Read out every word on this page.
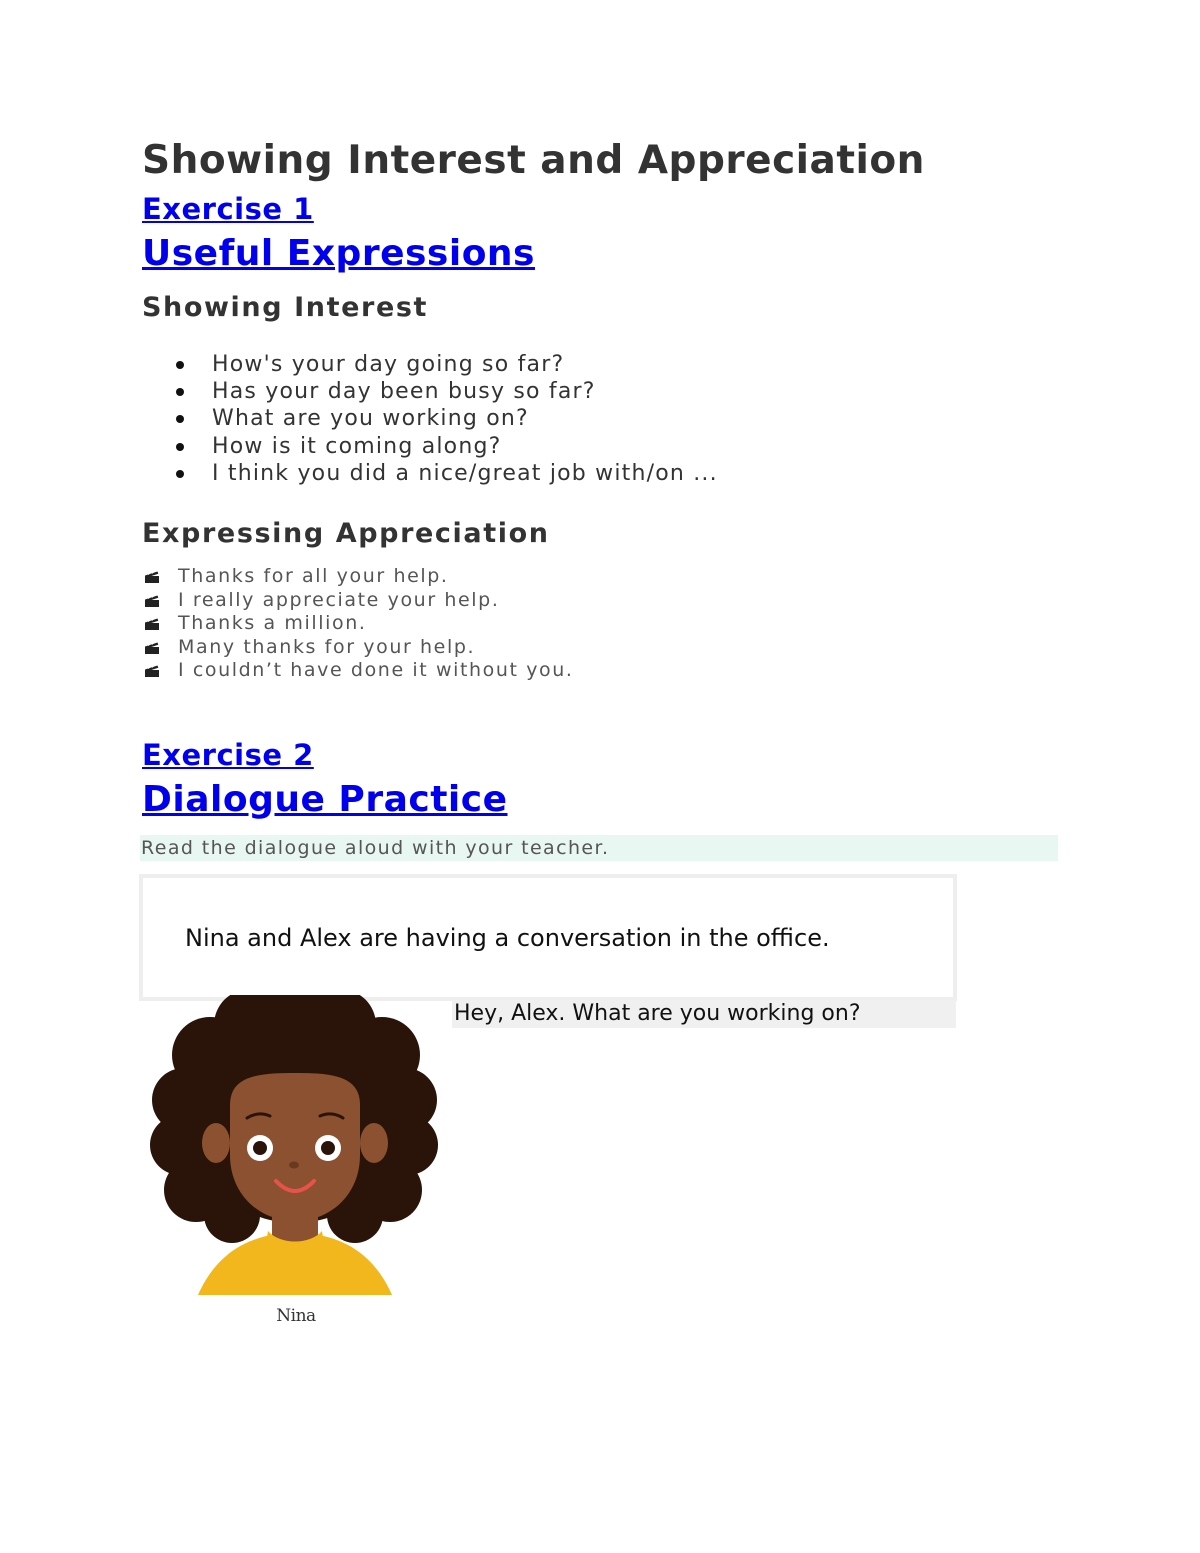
Showing Interest and Appreciation
Exercise 1
Useful Expressions
Showing Interest
How's your day going so far?
Has your day been busy so far?
What are you working on?
How is it coming along?
I think you did a nice/great job with/on ...
Expressing Appreciation
Thanks for all your help.
I really appreciate your help.
Thanks a million.
Many thanks for your help.
I couldn’t have done it without you.
Exercise 2
Dialogue Practice
Read the dialogue aloud with your teacher.
Nina and Alex are having a conversation in the office.
Hey, Alex. What are you working on?
Nina
